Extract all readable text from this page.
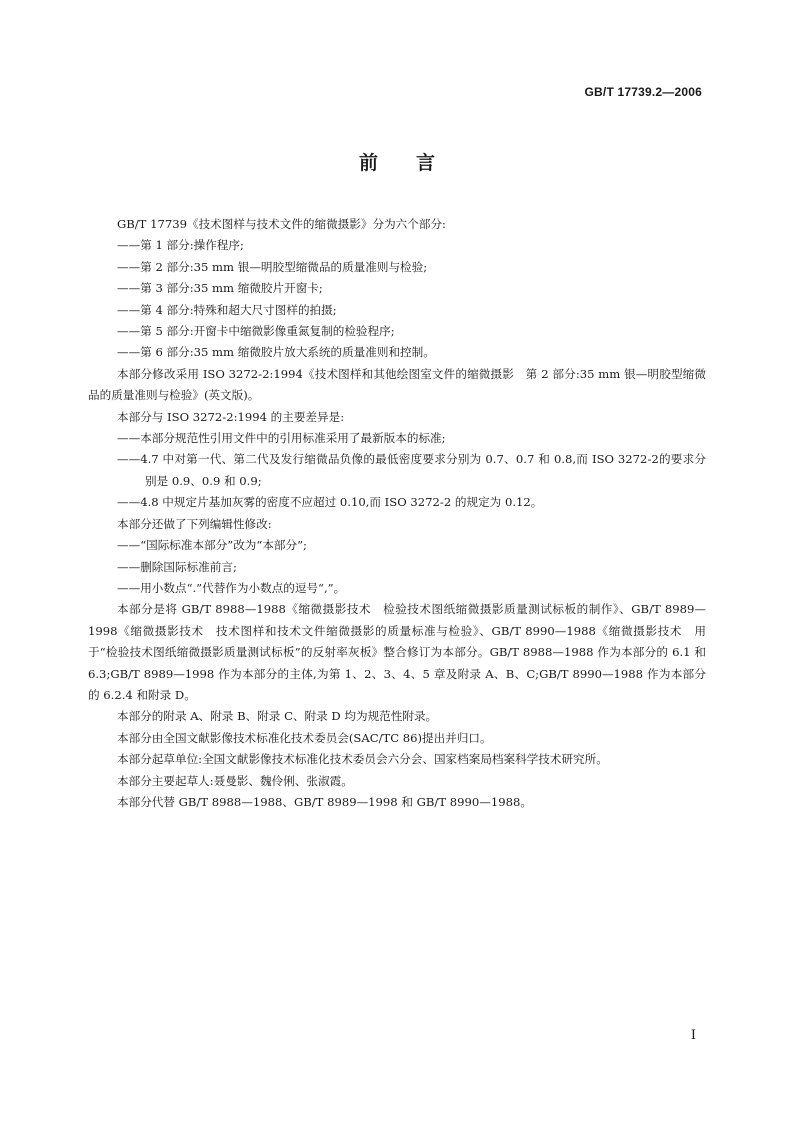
GB/T 17739.2—2006
前言

GB/T 17739《技术图样与技术文件的缩微摄影》分为六个部分:

——第 1 部分:操作程序;

——第 2 部分:35 mm 银—明胶型缩微品的质量准则与检验;

——第 3 部分:35 mm 缩微胶片开窗卡;

——第 4 部分:特殊和超大尺寸图样的拍摄;

——第 5 部分:开窗卡中缩微影像重氮复制的检验程序;

——第 6 部分:35 mm 缩微胶片放大系统的质量准则和控制。

本部分修改采用 ISO 3272-2:1994《技术图样和其他绘图室文件的缩微摄影　第 2 部分:35 mm 银—明胶型缩微品的质量准则与检验》(英文版)。

本部分与 ISO 3272-2:1994 的主要差异是:

——本部分规范性引用文件中的引用标准采用了最新版本的标准;

——4.7 中对第一代、第二代及发行缩微品负像的最低密度要求分别为 0.7、0.7 和 0.8,而 ISO 3272-2的要求分别是 0.9、0.9 和 0.9;

——4.8 中规定片基加灰雾的密度不应超过 0.10,而 ISO 3272-2 的规定为 0.12。

本部分还做了下列编辑性修改:

——“国际标准本部分”改为“本部分”;

——删除国际标准前言;

——用小数点“.”代替作为小数点的逗号“,”。

本部分是将 GB/T 8988—1988《缩微摄影技术　检验技术图纸缩微摄影质量测试标板的制作》、GB/T 8989—1998《缩微摄影技术　技术图样和技术文件缩微摄影的质量标准与检验》、GB/T 8990—1988《缩微摄影技术　用于“检验技术图纸缩微摄影质量测试标板”的反射率灰板》整合修订为本部分。GB/T 8988—1988 作为本部分的 6.1 和 6.3;GB/T 8989—1998 作为本部分的主体,为第 1、2、3、4、5 章及附录 A、B、C;GB/T 8990—1988 作为本部分的 6.2.4 和附录 D。

本部分的附录 A、附录 B、附录 C、附录 D 均为规范性附录。

本部分由全国文献影像技术标准化技术委员会(SAC/TC 86)提出并归口。

本部分起草单位:全国文献影像技术标准化技术委员会六分会、国家档案局档案科学技术研究所。

本部分主要起草人:聂曼影、魏伶俐、张淑霞。

本部分代替 GB/T 8988—1988、GB/T 8989—1998 和 GB/T 8990—1988。

I
